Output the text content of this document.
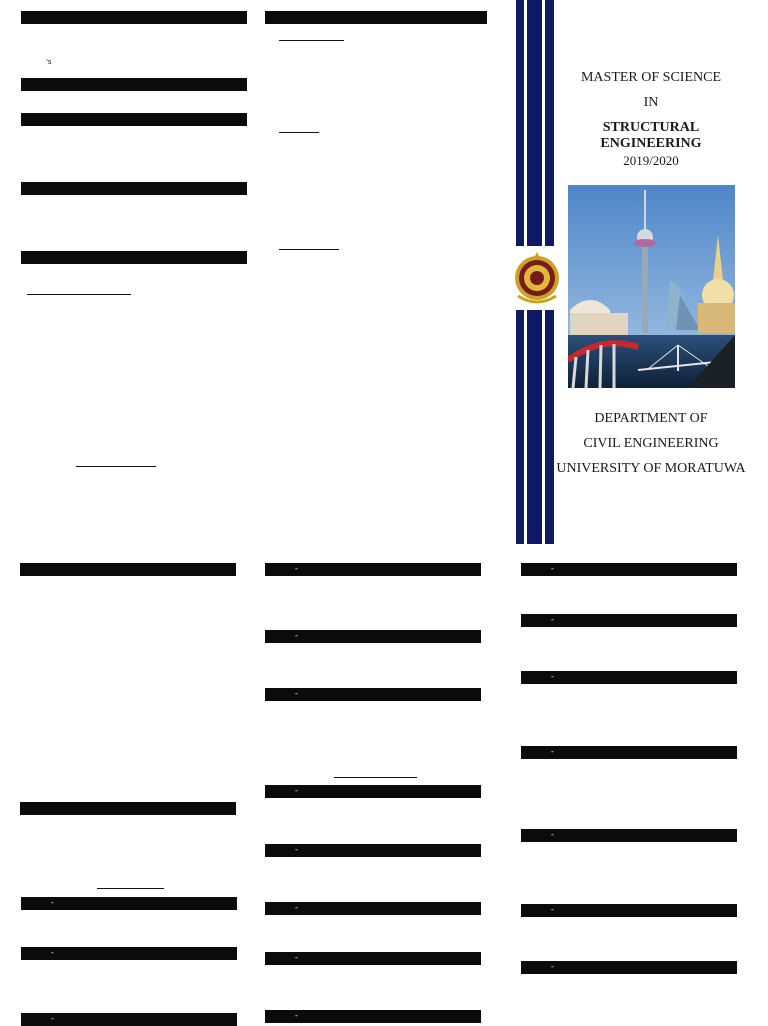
's
MASTER OF SCIENCE
IN
STRUCTURAL
ENGINEERING
2019/2020
DEPARTMENT OF
CIVIL ENGINEERING
UNIVERSITY OF MORATUWA
-
-
-
-
-
-
-
-
-
-
-
-
-
-
-
-
-
-
